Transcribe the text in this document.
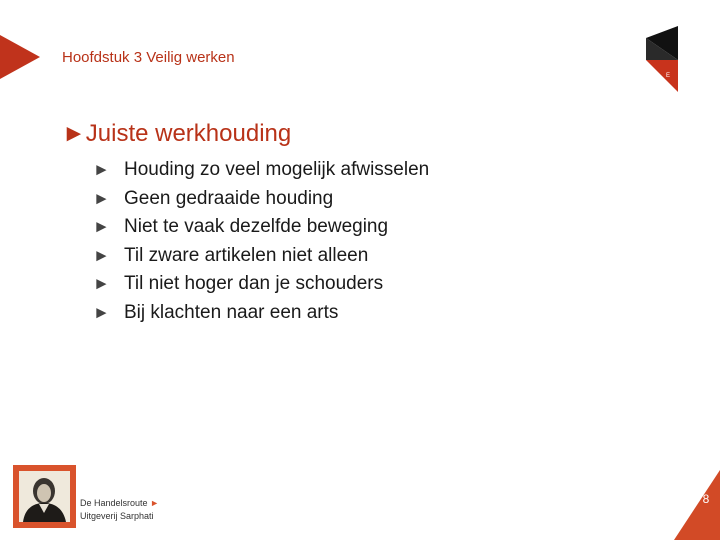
Hoofdstuk 3 Veilig werken
E
►Juiste werkhouding
► Houding zo veel mogelijk afwisselen
► Geen gedraaide houding
► Niet te vaak dezelfde beweging
► Til zware artikelen niet alleen
► Til niet hoger dan je schouders
► Bij klachten naar een arts
De Handelsroute ►
Uitgeverij Sarphati
8
